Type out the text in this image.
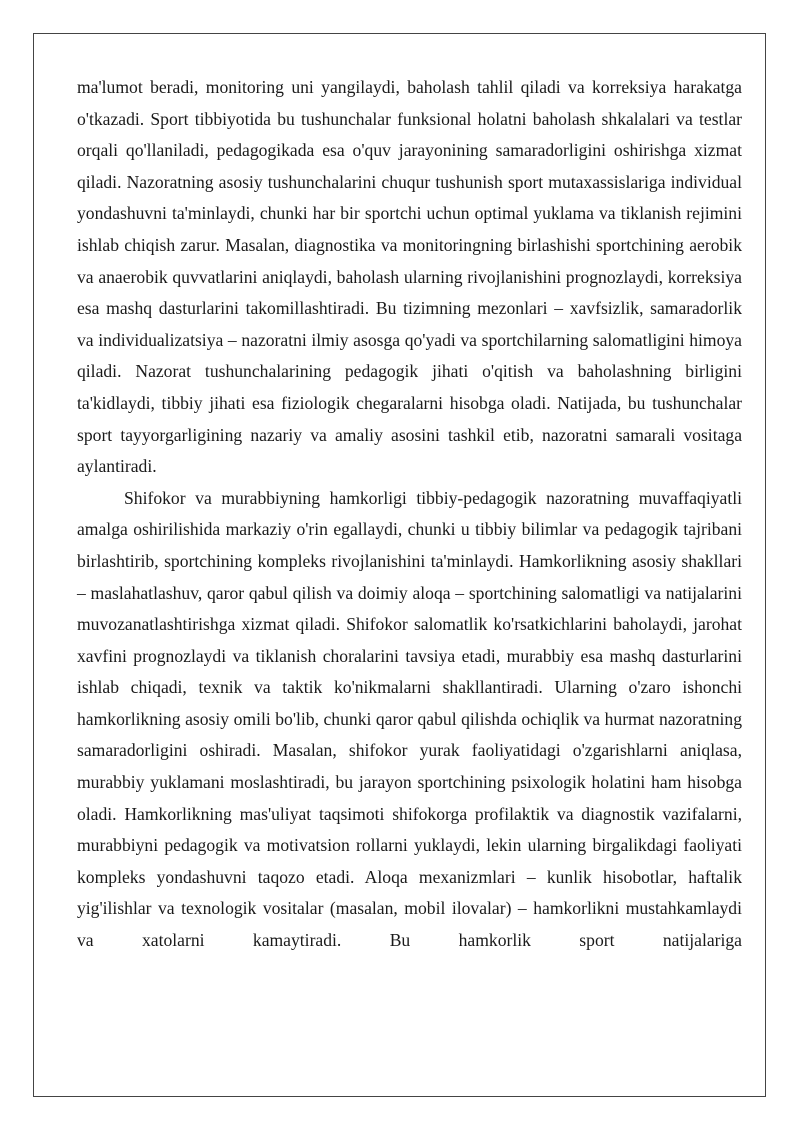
ma'lumot beradi, monitoring uni yangilaydi, baholash tahlil qiladi va korreksiya harakatga o'tkazadi. Sport tibbiyotida bu tushunchalar funksional holatni baholash shkalalari va testlar orqali qo'llaniladi, pedagogikada esa o'quv jarayonining samaradorligini oshirishga xizmat qiladi. Nazoratning asosiy tushunchalarini chuqur tushunish sport mutaxassislariga individual yondashuvni ta'minlaydi, chunki har bir sportchi uchun optimal yuklama va tiklanish rejimini ishlab chiqish zarur. Masalan, diagnostika va monitoringning birlashishi sportchining aerobik va anaerobik quvvatlarini aniqlaydi, baholash ularning rivojlanishini prognozlaydi, korreksiya esa mashq dasturlarini takomillashtiradi. Bu tizimning mezonlari – xavfsizlik, samaradorlik va individualizatsiya – nazoratni ilmiy asosga qo'yadi va sportchilarning salomatligini himoya qiladi. Nazorat tushunchalarining pedagogik jihati o'qitish va baholashning birligini ta'kidlaydi, tibbiy jihati esa fiziologik chegaralarni hisobga oladi. Natijada, bu tushunchalar sport tayyorgarligining nazariy va amaliy asosini tashkil etib, nazoratni samarali vositaga aylantiradi.

Shifokor va murabbiyning hamkorligi tibbiy-pedagogik nazoratning muvaffaqiyatli amalga oshirilishida markaziy o'rin egallaydi, chunki u tibbiy bilimlar va pedagogik tajribani birlashtirib, sportchining kompleks rivojlanishini ta'minlaydi. Hamkorlikning asosiy shakllari – maslahatlashuv, qaror qabul qilish va doimiy aloqa – sportchining salomatligi va natijalarini muvozanatlashtirishga xizmat qiladi. Shifokor salomatlik ko'rsatkichlarini baholaydi, jarohat xavfini prognozlaydi va tiklanish choralarini tavsiya etadi, murabbiy esa mashq dasturlarini ishlab chiqadi, texnik va taktik ko'nikmalarni shakllantiradi. Ularning o'zaro ishonchi hamkorlikning asosiy omili bo'lib, chunki qaror qabul qilishda ochiqlik va hurmat nazoratning samaradorligini oshiradi. Masalan, shifokor yurak faoliyatidagi o'zgarishlarni aniqlasa, murabbiy yuklamani moslashtiradi, bu jarayon sportchining psixologik holatini ham hisobga oladi. Hamkorlikning mas'uliyat taqsimoti shifokorga profilaktik va diagnostik vazifalarni, murabbiyni pedagogik va motivatsion rollarni yuklaydi, lekin ularning birgalikdagi faoliyati kompleks yondashuvni taqozo etadi. Aloqa mexanizmlari – kunlik hisobotlar, haftalik yig'ilishlar va texnologik vositalar (masalan, mobil ilovalar) – hamkorlikni mustahkamlaydi va xatolarni kamaytiradi. Bu hamkorlik sport natijalariga
